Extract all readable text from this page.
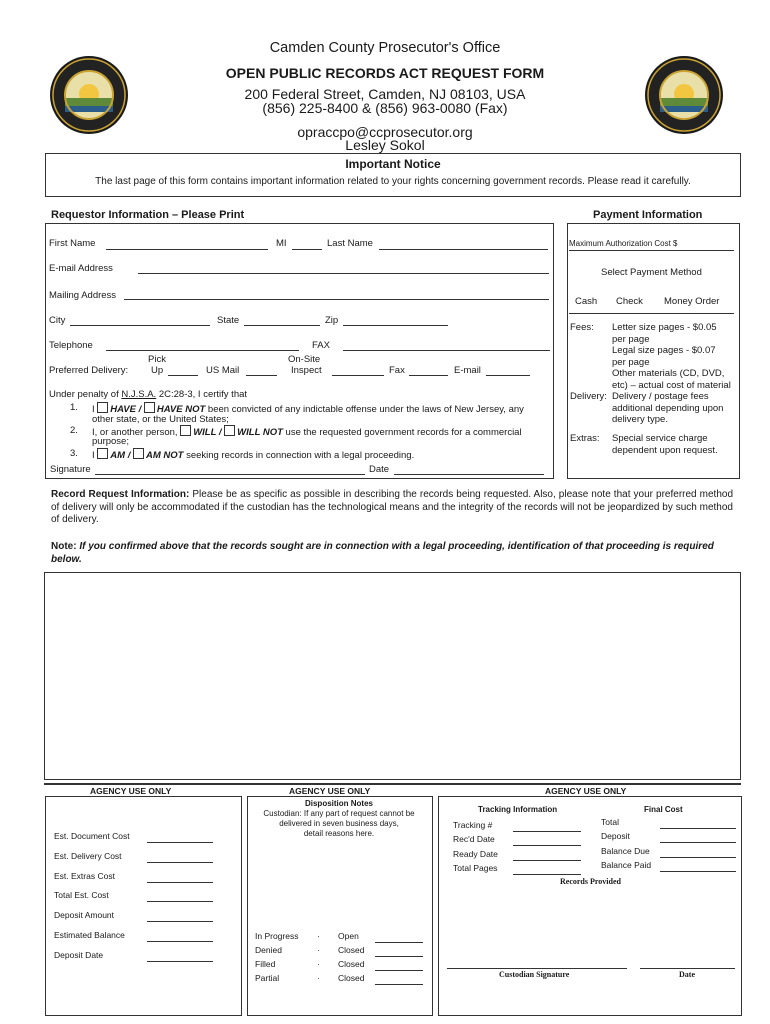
Camden County Prosecutor's Office
OPEN PUBLIC RECORDS ACT REQUEST FORM
200 Federal Street, Camden, NJ 08103, USA
(856) 225-8400 & (856) 963-0080 (Fax)
opraccpo@ccprosecutor.org
Lesley Sokol
Important Notice
The last page of this form contains important information related to your rights concerning government records. Please read it carefully.
Requestor Information – Please Print	Payment Information
First Name	MI	Last Name
E-mail Address
Mailing Address
City	State	Zip
Telephone	FAX
Preferred Delivery:
Pick
Up	US Mail
On-Site
Inspect	Fax	E-mail
Under penalty of N.J.S.A. 2C:28-3, I certify that
1. I HAVE / HAVE NOT been convicted of any indictable offense under the laws of New Jersey, any
other state, or the United States;
2. I, or another person, WILL / WILL NOT use the requested government records for a commercial
purpose;
3. I AM / AM NOT seeking records in connection with a legal proceeding.
Signature	Date
Maximum Authorization Cost $
Select Payment Method
Cash Check Money Order
Fees: Letter size pages - $0.05
per page
Legal size pages - $0.07
per page
Other materials (CD, DVD,
etc) – actual cost of material
Delivery: Delivery / postage fees
additional depending upon
delivery type.
Extras: Special service charge
dependent upon request.
Record Request Information: Please be as specific as possible in describing the records being requested. Also, please note that your preferred method of delivery will only be accommodated if the custodian has the technological means and the integrity of the records will not be jeopardized by such method of delivery.
Note: If you confirmed above that the records sought are in connection with a legal proceeding, identification of that proceeding is required below.
AGENCY USE ONLY	AGENCY USE ONLY	AGENCY USE ONLY
Est. Document Cost
Est. Delivery Cost
Est. Extras Cost
Total Est. Cost
Deposit Amount
Estimated Balance
Deposit Date
Disposition Notes
Custodian: If any part of request cannot be
delivered in seven business days,
detail reasons here.
In Progress · Open
Denied	· Closed
Filled	· Closed
Partial	· Closed
Tracking Information	Final Cost
Tracking #
Rec'd Date
Ready Date
Total Pages
Total
Deposit
Balance Due
Balance Paid
Records Provided
Custodian Signature	Date
